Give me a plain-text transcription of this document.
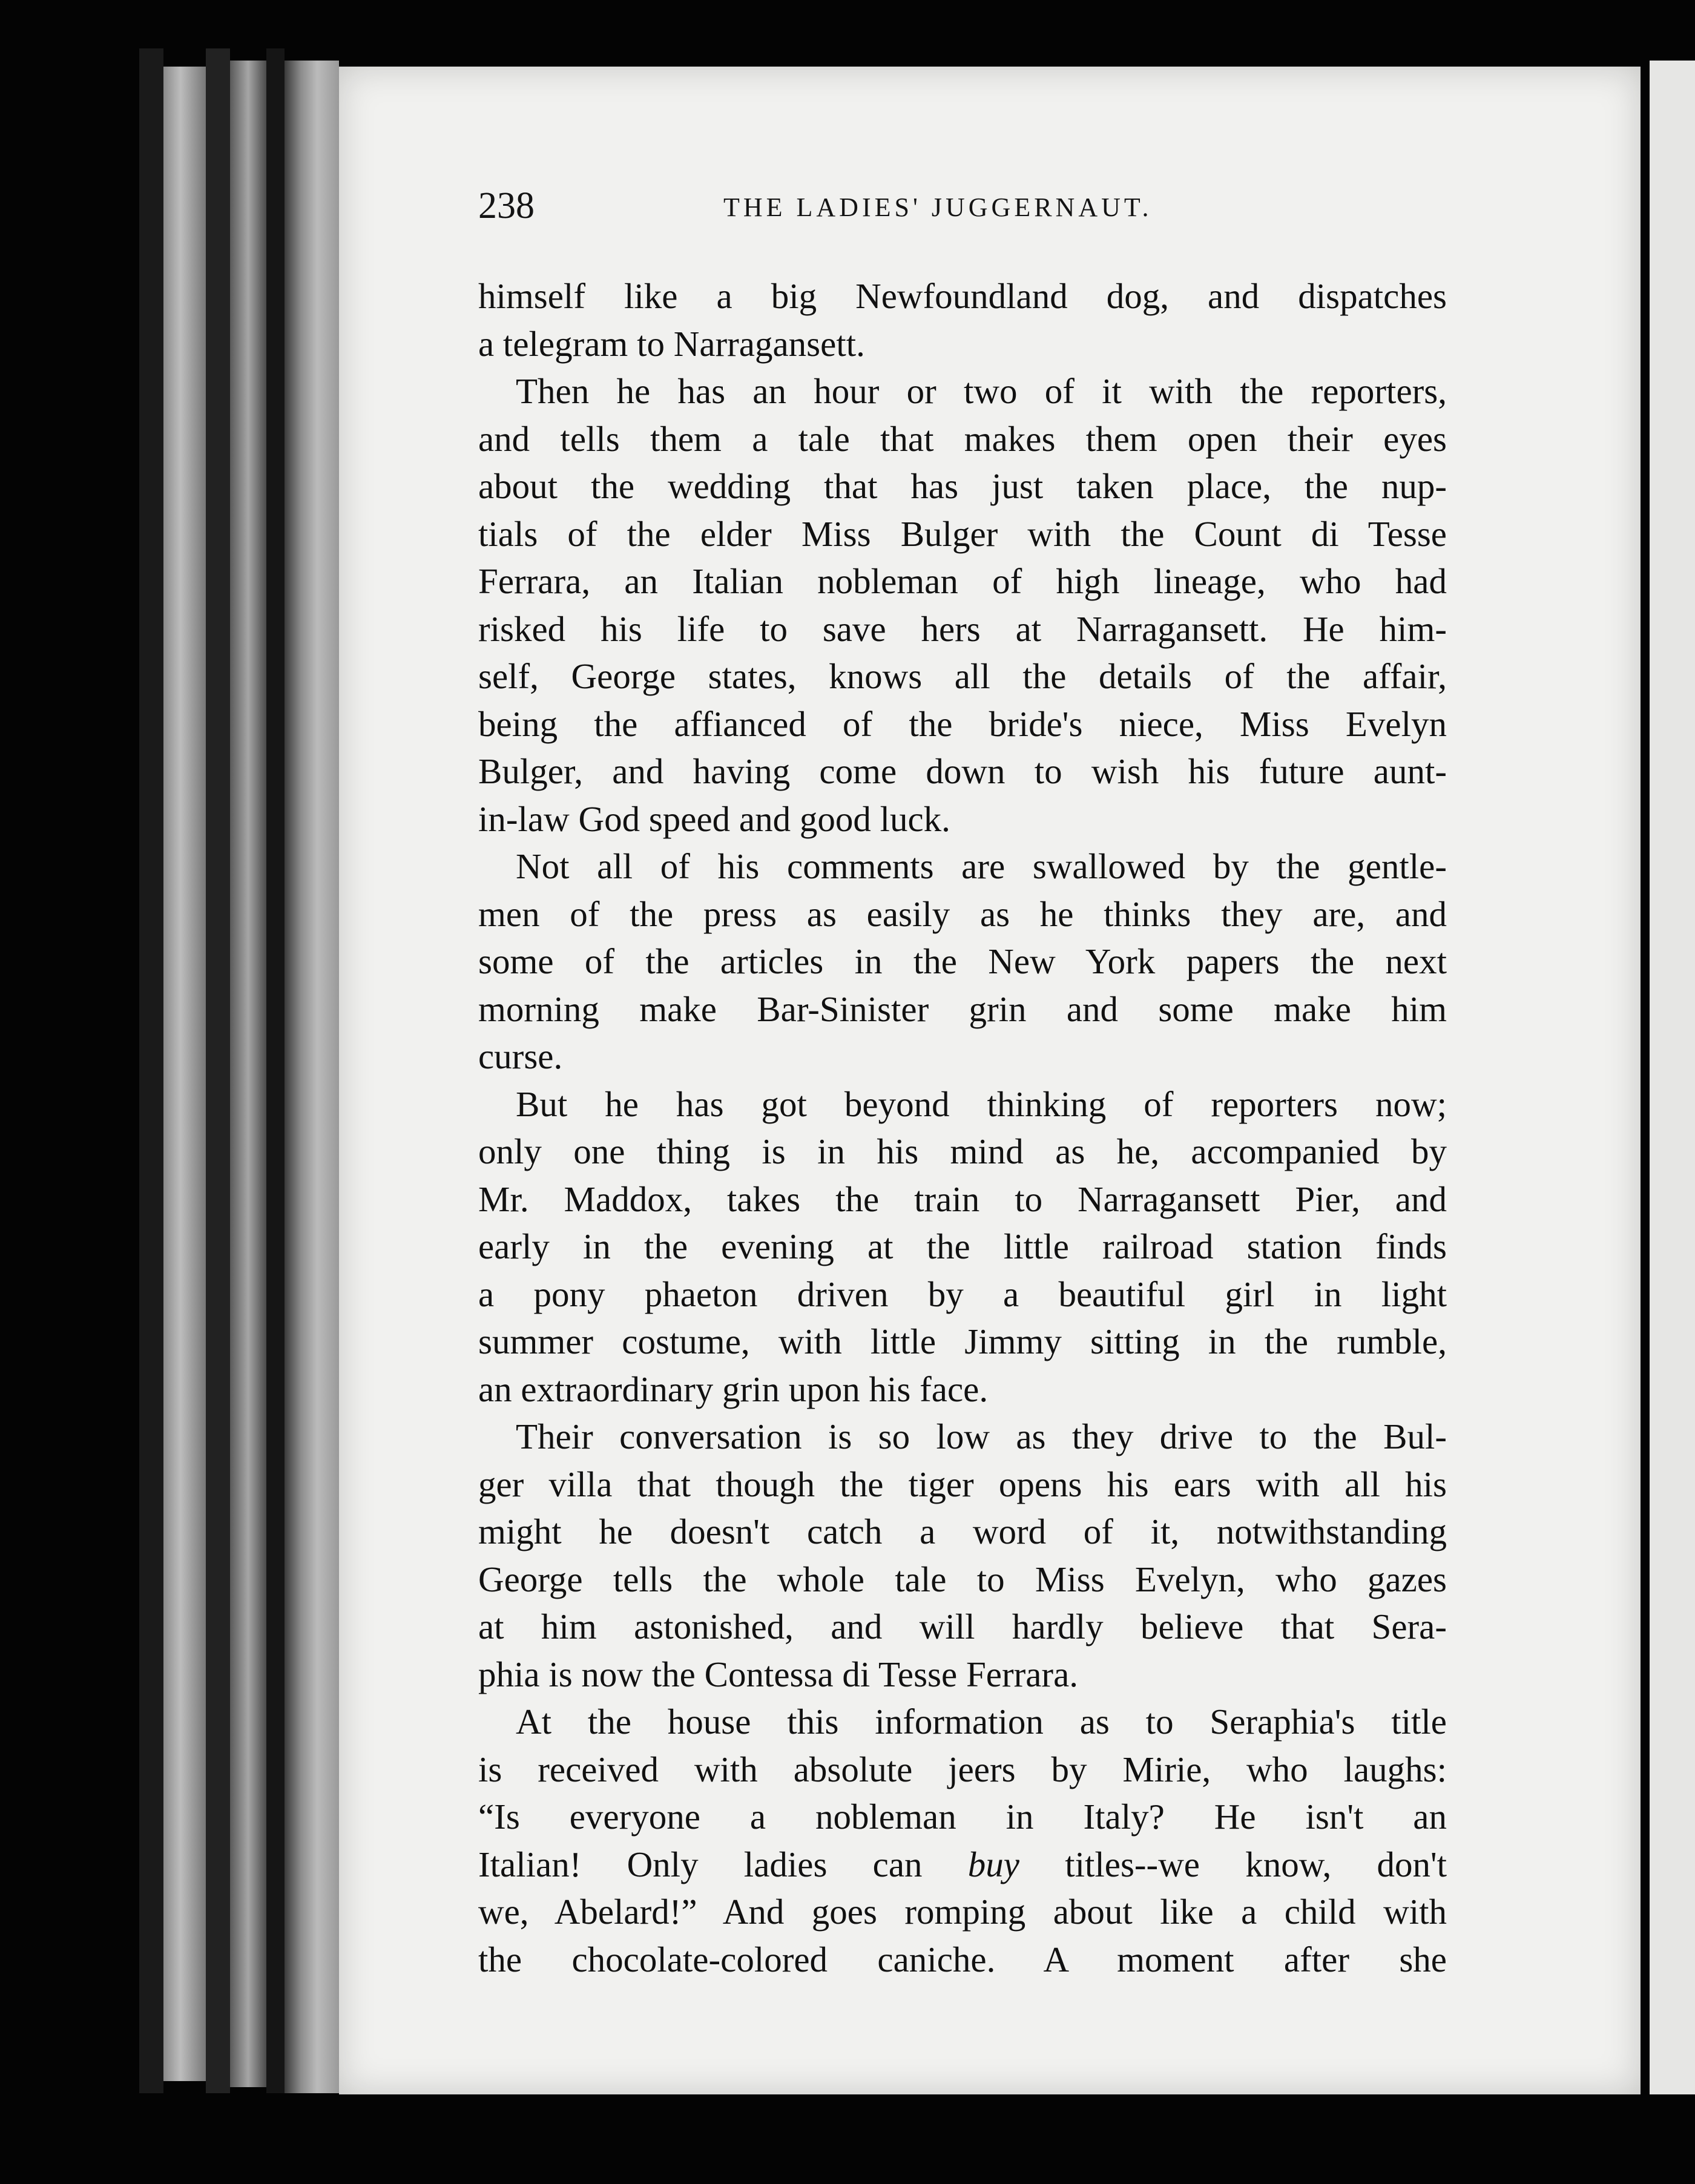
238	THE LADIES' JUGGERNAUT.
himself like a big Newfoundland dog, and dispatches
a telegram to Narragansett.
Then he has an hour or two of it with the reporters,
and tells them a tale that makes them open their eyes
about the wedding that has just taken place, the nup-
tials of the elder Miss Bulger with the Count di Tesse
Ferrara, an Italian nobleman of high lineage, who had
risked his life to save hers at Narragansett. He him-
self, George states, knows all the details of the affair,
being the affianced of the bride's niece, Miss Evelyn
Bulger, and having come down to wish his future aunt-
in-law God speed and good luck.
Not all of his comments are swallowed by the gentle-
men of the press as easily as he thinks they are, and
some of the articles in the New York papers the next
morning make Bar-Sinister grin and some make him
curse.
But he has got beyond thinking of reporters now;
only one thing is in his mind as he, accompanied by
Mr. Maddox, takes the train to Narragansett Pier, and
early in the evening at the little railroad station finds
a pony phaeton driven by a beautiful girl in light
summer costume, with little Jimmy sitting in the rumble,
an extraordinary grin upon his face.
Their conversation is so low as they drive to the Bul-
ger villa that though the tiger opens his ears with all his
might he doesn't catch a word of it, notwithstanding
George tells the whole tale to Miss Evelyn, who gazes
at him astonished, and will hardly believe that Sera-
phia is now the Contessa di Tesse Ferrara.
At the house this information as to Seraphia's title
is received with absolute jeers by Mirie, who laughs:
“Is everyone a nobleman in Italy? He isn't an
Italian! Only ladies can buy titles--we know, don't
we, Abelard!” And goes romping about like a child with
the chocolate-colored caniche. A moment after she
